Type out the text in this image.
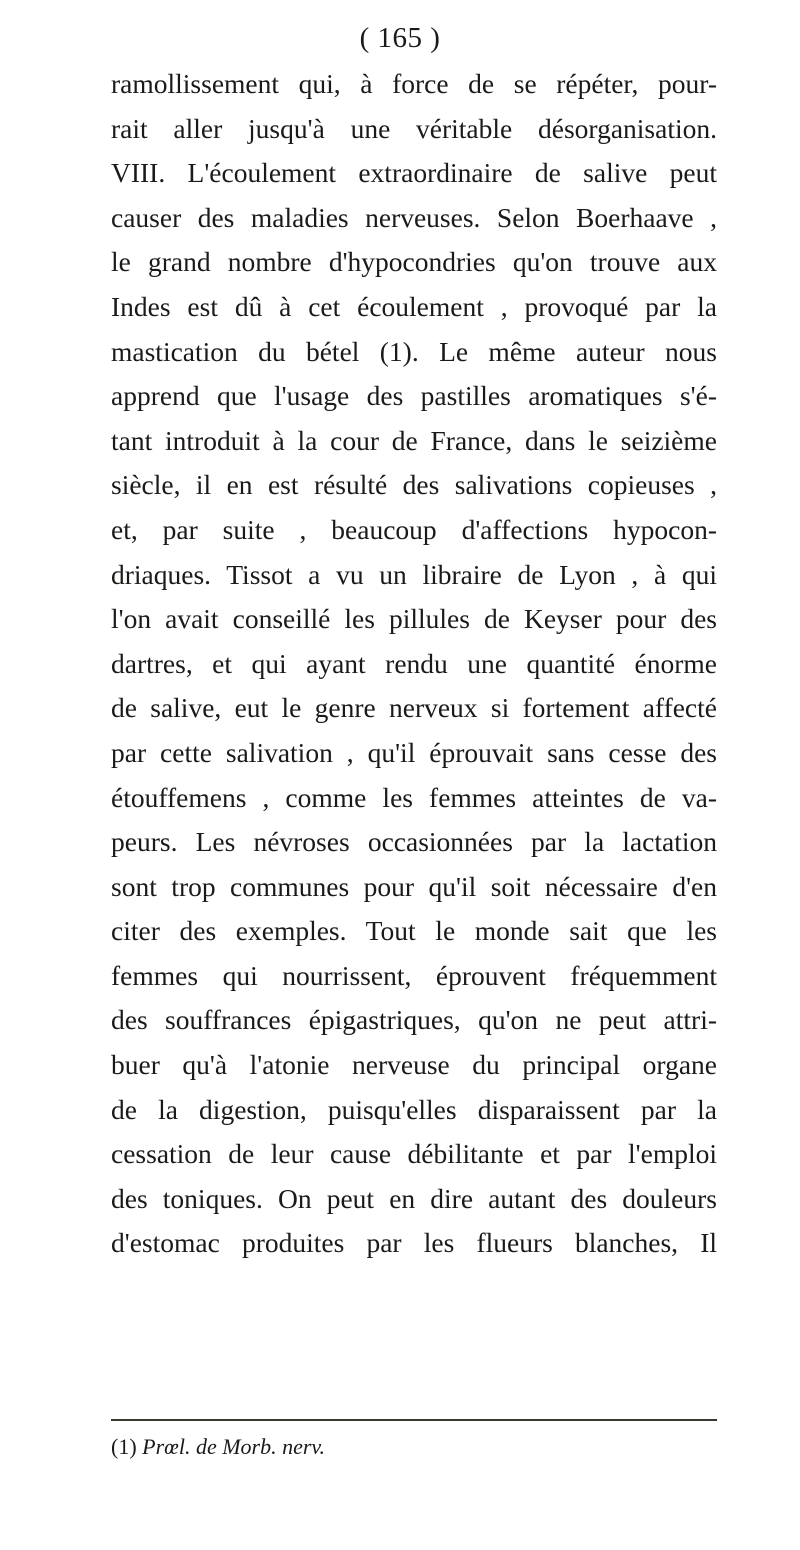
( 165 )
ramollissement qui, à force de se répéter, pour-
rait aller jusqu'à une véritable désorganisation.
VIII. L'écoulement extraordinaire de salive peut
causer des maladies nerveuses. Selon Boerhaave ,
le grand nombre d'hypocondries qu'on trouve aux
Indes est dû à cet écoulement , provoqué par la
mastication du bétel (1). Le même auteur nous
apprend que l'usage des pastilles aromatiques s'é-
tant introduit à la cour de France, dans le seizième
siècle, il en est résulté des salivations copieuses ,
et, par suite , beaucoup d'affections hypocon-
driaques. Tissot a vu un libraire de Lyon , à qui
l'on avait conseillé les pillules de Keyser pour des
dartres, et qui ayant rendu une quantité énorme
de salive, eut le genre nerveux si fortement affecté
par cette salivation , qu'il éprouvait sans cesse des
étouffemens , comme les femmes atteintes de va-
peurs. Les névroses occasionnées par la lactation
sont trop communes pour qu'il soit nécessaire d'en
citer des exemples. Tout le monde sait que les
femmes qui nourrissent, éprouvent fréquemment
des souffrances épigastriques, qu'on ne peut attri-
buer qu'à l'atonie nerveuse du principal organe
de la digestion, puisqu'elles disparaissent par la
cessation de leur cause débilitante et par l'emploi
des toniques. On peut en dire autant des douleurs
d'estomac produites par les flueurs blanches, Il
(1) Prœl. de Morb. nerv.
